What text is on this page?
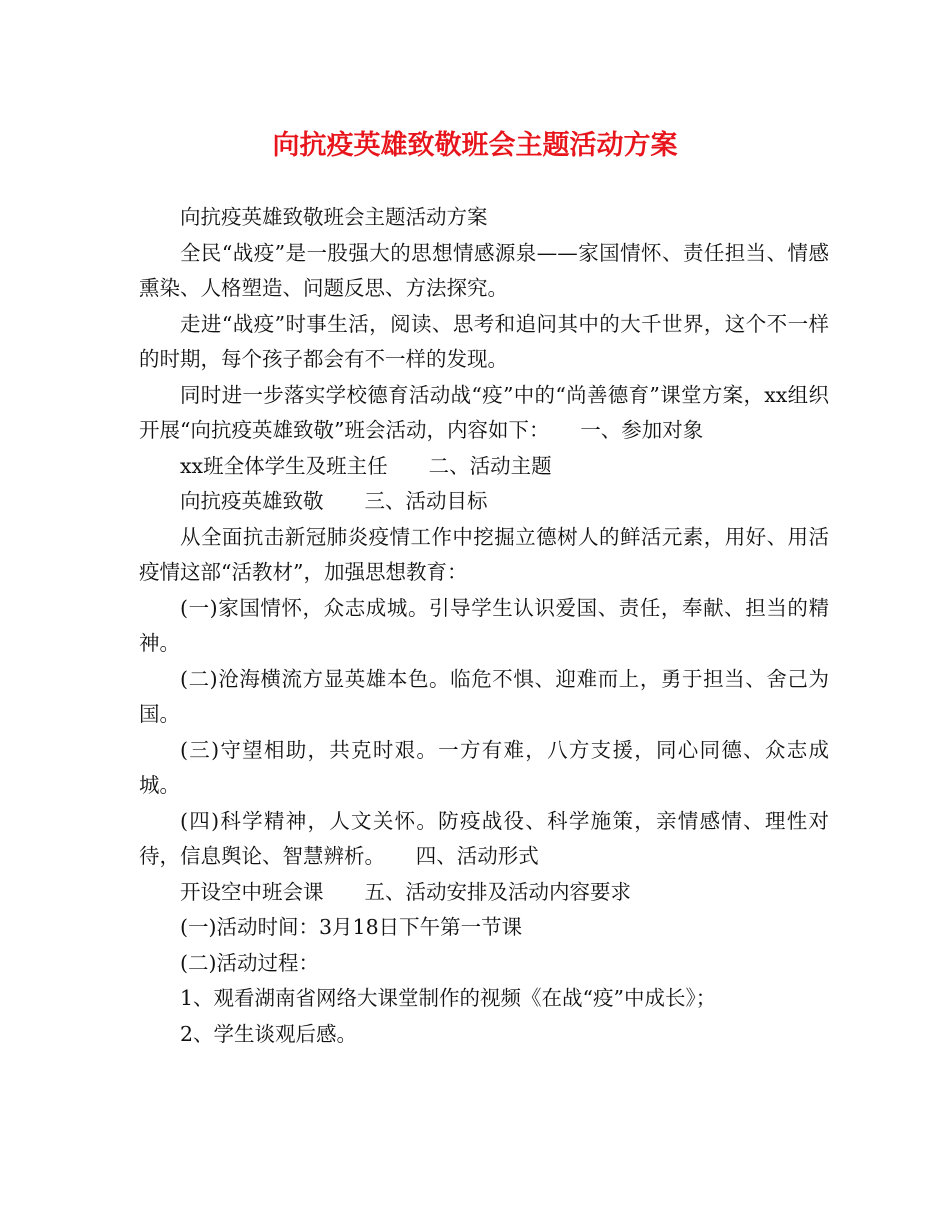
向抗疫英雄致敬班会主题活动方案

向抗疫英雄致敬班会主题活动方案

全民“战疫”是一股强大的思想情感源泉——家国情怀、责任担当、情感熏染、人格塑造、问题反思、方法探究。

走进“战疫”时事生活，阅读、思考和追问其中的大千世界，这个不一样的时期，每个孩子都会有不一样的发现。

同时进一步落实学校德育活动战“疫”中的“尚善德育”课堂方案，xx组织开展“向抗疫英雄致敬”班会活动，内容如下：　　一、参加对象

xx班全体学生及班主任　　二、活动主题

向抗疫英雄致敬　　三、活动目标

从全面抗击新冠肺炎疫情工作中挖掘立德树人的鲜活元素，用好、用活疫情这部“活教材”，加强思想教育：

(一)家国情怀，众志成城。引导学生认识爱国、责任，奉献、担当的精神。

(二)沧海横流方显英雄本色。临危不惧、迎难而上，勇于担当、舍己为国。

(三)守望相助，共克时艰。一方有难，八方支援，同心同德、众志成城。

(四)科学精神，人文关怀。防疫战役、科学施策，亲情感情、理性对待，信息舆论、智慧辨析。　　四、活动形式

开设空中班会课　　五、活动安排及活动内容要求

(一)活动时间：3月18日下午第一节课

(二)活动过程：

1、观看湖南省网络大课堂制作的视频《在战“疫”中成长》；

2、学生谈观后感。
